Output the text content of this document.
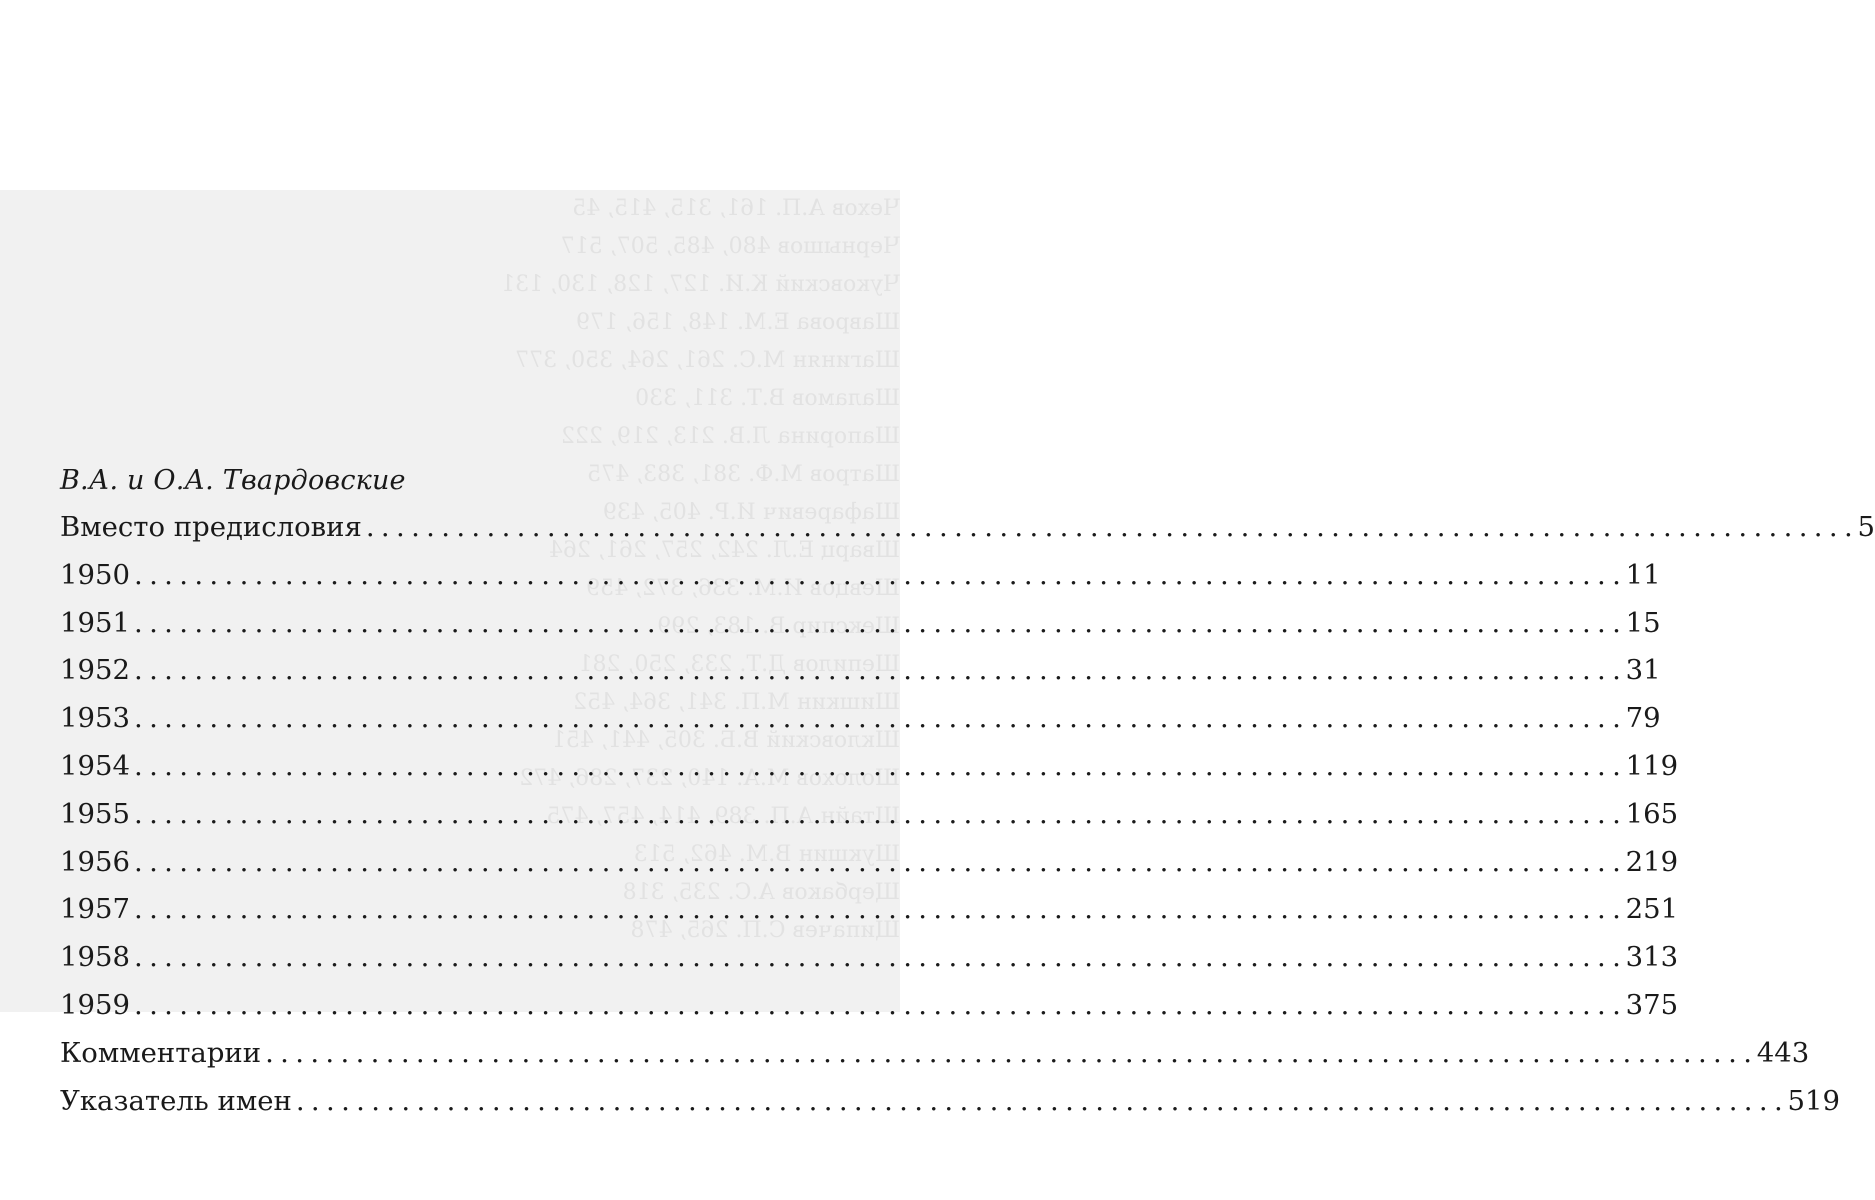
Чехов А.П. 161, 315, 415, 45
Чернышов 480, 485, 507, 517
Чуковский К.И. 127, 128, 130, 131
Шаврова Е.М. 148, 156, 179
Шагинян М.С. 261, 264, 350, 377
Шаламов В.Т. 311, 330
Шапорина Л.В. 213, 219, 222
Шатров М.Ф. 381, 383, 475
Шафаревич И.Р. 405, 439
Шварц Е.Л. 242, 257, 261, 264
Шевцов И.М. 336, 372, 459
Шекспир В. 183, 299
Шепилов Д.Т. 233, 250, 281
Шишкин М.П. 341, 364, 452
Шкловский В.Б. 305, 441, 451
Шолохов М.А. 140, 237, 286, 472
Штайн А.П. 389, 414, 457, 475
Шукшин В.М. 462, 513
Щербаков А.С. 235, 318
Щипачев С.П. 265, 478
В.А. и О.А. Твардовские
Вместо предисловия . . .	5
1950 . . .	11
1951 . . .	15
1952 . . .	31
1953 . . .	79
1954 . . .	119
1955 . . .	165
1956 . . .	219
1957 . . .	251
1958 . . .	313
1959 . . .	375
Комментарии . . .	443
Указатель имен . . .	519
